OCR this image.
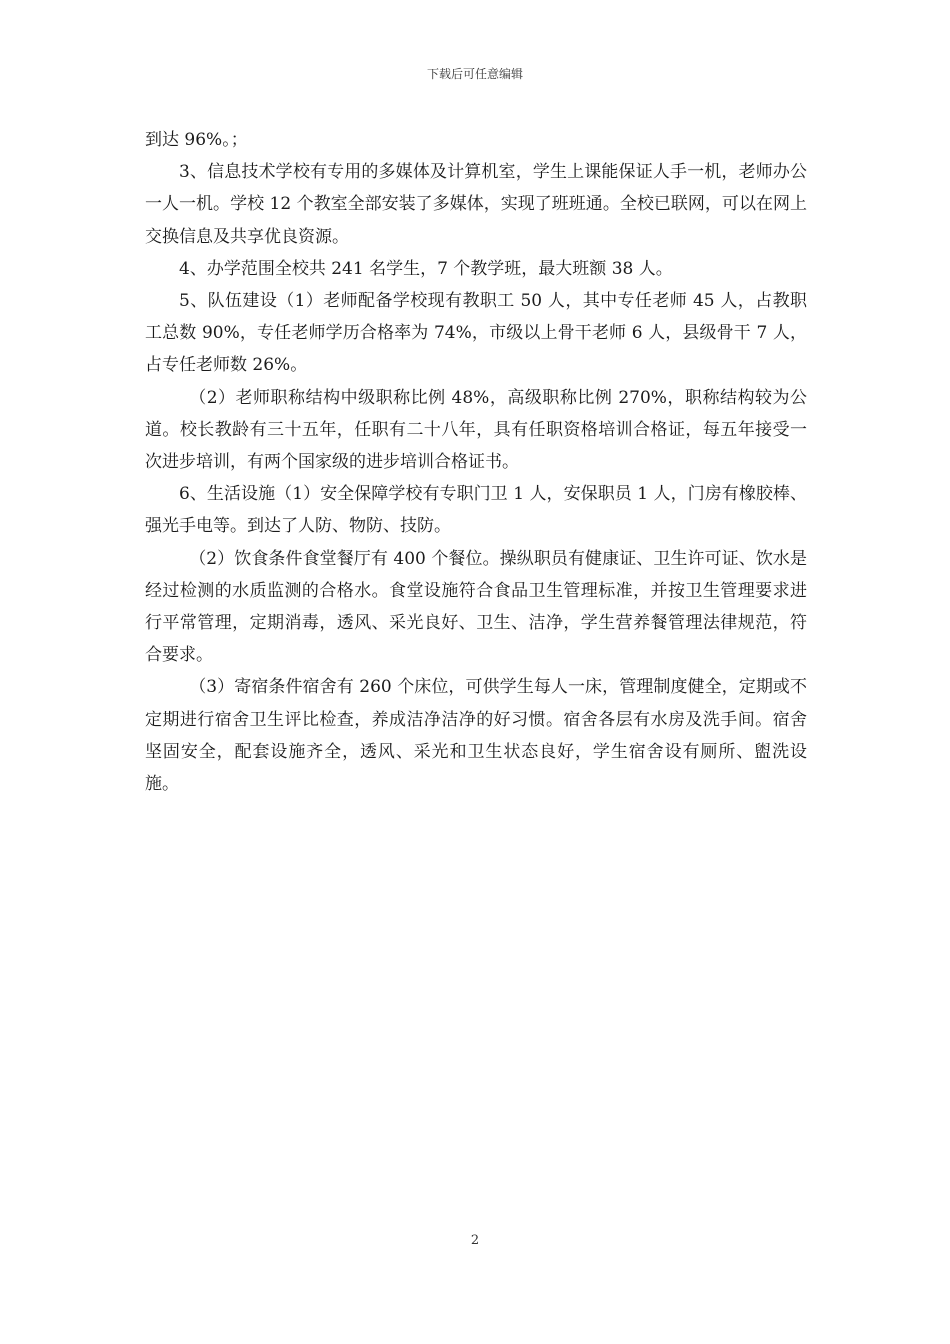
下载后可任意编辑

到达 96%。；

3、信息技术学校有专用的多媒体及计算机室，学生上课能保证人手一机，老师办公一人一机。学校 12 个教室全部安装了多媒体，实现了班班通。全校已联网，可以在网上交换信息及共享优良资源。

4、办学范围全校共 241 名学生，7 个教学班，最大班额 38 人。

5、队伍建设（1）老师配备学校现有教职工 50 人，其中专任老师 45 人，占教职工总数 90%，专任老师学历合格率为 74%，市级以上骨干老师 6 人，县级骨干 7 人，占专任老师数 26%。

（2）老师职称结构中级职称比例 48%，高级职称比例 270%，职称结构较为公道。校长教龄有三十五年，任职有二十八年，具有任职资格培训合格证，每五年接受一次进步培训，有两个国家级的进步培训合格证书。

6、生活设施（1）安全保障学校有专职门卫 1 人，安保职员 1 人，门房有橡胶棒、强光手电等。到达了人防、物防、技防。

（2）饮食条件食堂餐厅有 400 个餐位。操纵职员有健康证、卫生许可证、饮水是经过检测的水质监测的合格水。食堂设施符合食品卫生管理标准，并按卫生管理要求进行平常管理，定期消毒，透风、采光良好、卫生、洁净，学生营养餐管理法律规范，符合要求。

（3）寄宿条件宿舍有 260 个床位，可供学生每人一床，管理制度健全，定期或不定期进行宿舍卫生评比检查，养成洁净洁净的好习惯。宿舍各层有水房及洗手间。宿舍坚固安全，配套设施齐全，透风、采光和卫生状态良好，学生宿舍设有厕所、盥洗设施。

2
